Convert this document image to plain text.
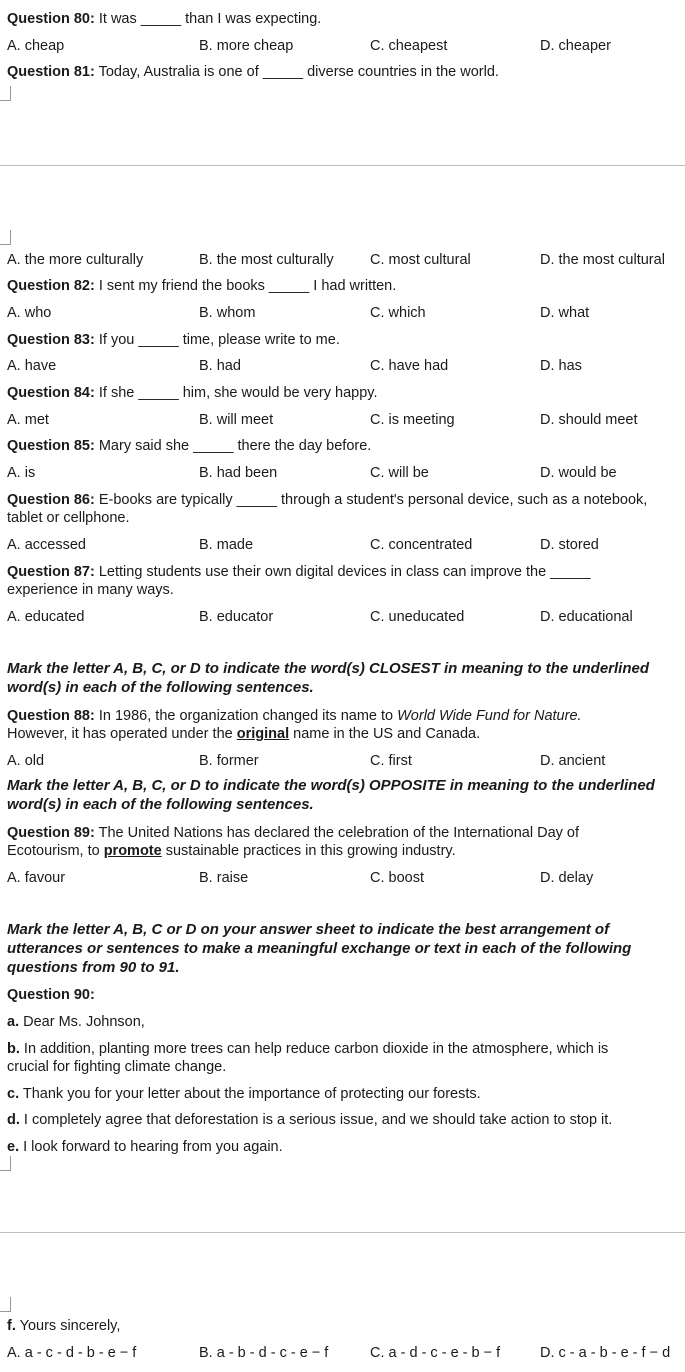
Question 80: It was _____ than I was expecting.
A. cheap	B. more cheap	C. cheapest	D. cheaper
Question 81: Today, Australia is one of _____ diverse countries in the world.
A. the more culturally	B. the most culturally	C. most cultural	D. the most cultural
Question 82: I sent my friend the books _____ I had written.
A. who	B. whom	C. which	D. what
Question 83: If you _____ time, please write to me.
A. have	B. had	C. have had	D. has
Question 84: If she _____ him, she would be very happy.
A. met	B. will meet	C. is meeting	D. should meet
Question 85: Mary said she _____ there the day before.
A. is	B. had been	C. will be	D. would be
Question 86: E-books are typically _____ through a student's personal device, such as a notebook,
tablet or cellphone.
A. accessed	B. made	C. concentrated	D. stored
Question 87: Letting students use their own digital devices in class can improve the _____
experience in many ways.
A. educated	B. educator	C. uneducated	D. educational
Mark the letter A, B, C, or D to indicate the word(s) CLOSEST in meaning to the underlined
word(s) in each of the following sentences.
Question 88: In 1986, the organization changed its name to World Wide Fund for Nature.
However, it has operated under the original name in the US and Canada.
A. old	B. former	C. first	D. ancient
Mark the letter A, B, C, or D to indicate the word(s) OPPOSITE in meaning to the underlined
word(s) in each of the following sentences.
Question 89: The United Nations has declared the celebration of the International Day of
Ecotourism, to promote sustainable practices in this growing industry.
A. favour	B. raise	C. boost	D. delay
Mark the letter A, B, C or D on your answer sheet to indicate the best arrangement of
utterances or sentences to make a meaningful exchange or text in each of the following
questions from 90 to 91.
Question 90:
a. Dear Ms. Johnson,
b. In addition, planting more trees can help reduce carbon dioxide in the atmosphere, which is
crucial for fighting climate change.
c. Thank you for your letter about the importance of protecting our forests.
d. I completely agree that deforestation is a serious issue, and we should take action to stop it.
e. I look forward to hearing from you again.
f. Yours sincerely,
A. a - c - d - b - e − f	B. a - b - d - c - e − f	C. a - d - c - e - b − f	D. c - a - b - e - f − d
